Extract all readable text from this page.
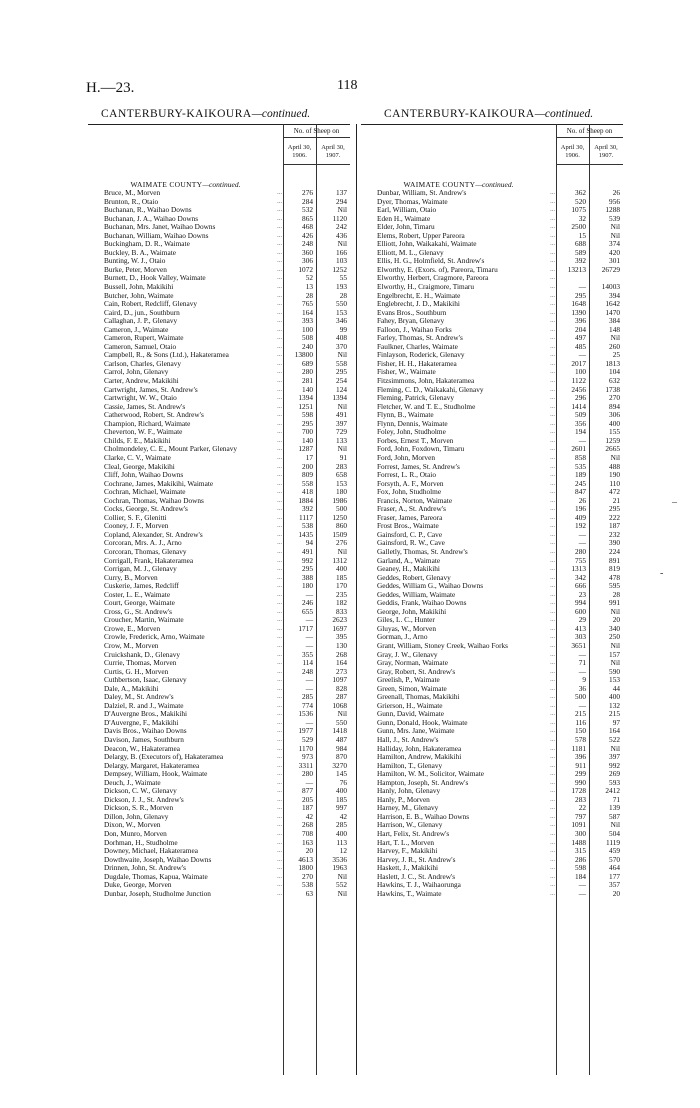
H.—23.	118
CANTERBURY-KAIKOURA—continued.	CANTERBURY-KAIKOURA—continued.
No. of Sheep on
April 30, 1906.
April 30, 1907.
WAIMATE COUNTY—continued.
Bruce, M., Morven	...	276	137
Brunton, R., Otaio	...	284	294
Buchanan, R., Waihao Downs	...	532	Nil
Buchanan, J. A., Waihao Downs	...	865	1120
Buchanan, Mrs. Janet, Waihao Downs	...	468	242
Buchanan, William, Waihao Downs	...	426	436
Buckingham, D. R., Waimate	...	248	Nil
Buckley, B. A., Waimate	...	360	166
Bunting, W. J., Otaio	...	306	103
Burke, Peter, Morven	...	1072	1252
Burnett, D., Hook Valley, Waimate	...	52	55
Bussell, John, Makikihi	...	13	193
Butcher, John, Waimate	...	28	28
Cain, Robert, Redcliff, Glenavy	...	765	550
Caird, D., jun., Southburn	...	164	153
Callaghan, J. P., Glenavy	...	393	346
Cameron, J., Waimate	...	100	99
Cameron, Rupert, Waimate	...	508	408
Cameron, Samuel, Otaio	...	240	370
Campbell, R., & Sons (Ltd.), Hakateramea	...	13800	Nil
Carlson, Charles, Glenavy	...	689	558
Carrol, John, Glenavy	...	280	295
Carter, Andrew, Makikihi	...	281	254
Cartwright, James, St. Andrew's	...	140	124
Cartwright, W. W., Otaio	...	1394	1394
Cassie, James, St. Andrew's	...	1251	Nil
Catherwood, Robert, St. Andrew's	...	598	491
Champion, Richard, Waimate	...	295	397
Cheverton, W. F., Waimate	...	700	729
Childs, F. E., Makikihi	...	140	133
Cholmondeley, C. E., Mount Parker, Glenavy	...	1287	Nil
Clarke, C. V., Waimate	...	17	91
Cleal, George, Makikihi	...	200	283
Cliff, John, Waihao Downs	...	809	658
Cochrane, James, Makikihi, Waimate	...	558	153
Cochran, Michael, Waimate	...	418	180
Cochran, Thomas, Waihao Downs	...	1884	1986
Cocks, George, St. Andrew's	...	392	500
Collier, S. F., Glenitti	...	1117	1250
Cooney, J. F., Morven	...	538	860
Copland, Alexander, St. Andrew's	...	1435	1509
Corcoran, Mrs. A. J., Arno	...	94	276
Corcoran, Thomas, Glenavy	...	491	Nil
Corrigall, Frank, Hakateramea	...	992	1312
Corrigan, M. J., Glenavy	...	295	400
Curry, B., Morven	...	388	185
Cuskerie, James, Redcliff	...	180	170
Coster, L. E., Waimate	...	—	235
Court, George, Waimate	...	246	182
Cross, G., St. Andrew's	...	655	833
Croucher, Martin, Waimate	...	—	2623
Crowe, E., Morven	...	1717	1697
Crowle, Frederick, Arno, Waimate	...	—	395
Crow, M., Morven	...	—	130
Cruickshank, D., Glenavy	...	355	268
Currie, Thomas, Morven	...	114	164
Curtis, G. H., Morven	...	248	273
Cuthbertson, Isaac, Glenavy	...	—	1097
Dale, A., Makikihi	...	—	828
Daley, M., St. Andrew's	...	285	287
Dalziel, R. and J., Waimate	...	774	1068
D'Auvergne Bros., Makikihi	...	1536	Nil
D'Auvergne, F., Makikihi	...	—	550
Davis Bros., Waihao Downs	...	1977	1418
Davison, James, Southburn	...	529	487
Deacon, W., Hakateramea	...	1170	984
Delargy, B. (Executors of), Hakateramea	...	973	870
Delargy, Margaret, Hakateramea	...	3311	3270
Dempsey, William, Hook, Waimate	...	280	145
Deuch, J., Waimate	...	—	76
Dickson, C. W., Glenavy	...	877	400
Dickson, J. J., St. Andrew's	...	205	185
Dickson, S. R., Morven	...	187	997
Dillon, John, Glenavy	...	42	42
Dixon, W., Morven	...	268	285
Don, Munro, Morven	...	708	400
Dorhman, H., Studholme	...	163	113
Downey, Michael, Hakateramea	...	20	12
Dowthwaite, Joseph, Waihao Downs	...	4613	3536
Drinnen, John, St. Andrew's	...	1800	1963
Dugdale, Thomas, Kapua, Waimate	...	270	Nil
Duke, George, Morven	...	538	552
Dunbar, Joseph, Studholme Junction	...	63	Nil
No. of Sheep on
April 30, 1906.
April 30, 1907.
WAIMATE COUNTY—continued.
Dunbar, William, St. Andrew's	...	362	26
Dyer, Thomas, Waimate	...	520	956
Earl, William, Otaio	...	1075	1288
Eden H., Waimate	...	32	539
Elder, John, Timaru	...	2500	Nil
Elems, Robert, Upper Pareora	...	15	Nil
Elliott, John, Waikakahi, Waimate	...	688	374
Elliott, M. L., Glenavy	...	589	420
Ellis, H. G., Holmfield, St. Andrew's	...	392	301
Elworthy, E. (Exors. of), Pareora, Timaru	...	13213	26729
Elworthy, Herbert, Cragmore, Pareora	...
Elworthy, H., Craigmore, Timaru	...	—	14003
Engelbrecht, E. H., Waimate	...	295	394
Englebrecht, J. D., Makikihi	...	1648	1642
Evans Bros., Southburn	...	1390	1470
Fahey, Bryan, Glenavy	...	396	384
Falloon, J., Waihao Forks	...	204	148
Farley, Thomas, St. Andrew's	...	497	Nil
Faulkner, Charles, Waimate	...	485	260
Finlayson, Roderick, Glenavy	...	—	25
Fisher, H. H., Hakateramea	...	2017	1813
Fisher, W., Waimate	...	100	104
Fitzsimmons, John, Hakateramea	...	1122	632
Fleming, C. D., Waikakahi, Glenavy	...	2456	1738
Fleming, Patrick, Glenavy	...	296	270
Fletcher, W. and T. E., Studholme	...	1414	894
Flynn, B., Waimate	...	509	306
Flynn, Dennis, Waimate	...	356	400
Foley, John, Studholme	...	194	155
Forbes, Ernest T., Morven	...	—	1259
Ford, John, Foxdown, Timaru	...	2601	2665
Ford, John, Morven	...	858	Nil
Forrest, James, St. Andrew's	...	535	488
Forrest, L. R., Otaio	...	189	190
Forsyth, A. F., Morven	...	245	110
Fox, John, Studholme	...	847	472
Francis, Norton, Waimate	...	26	21
Fraser, A., St. Andrew's	...	196	295
Fraser, James, Pareora	...	409	222
Frost Bros., Waimate	...	192	187
Gainsford, C. P., Cave	...	—	232
Gainsford, R. W., Cave	...	—	390
Galletly, Thomas, St. Andrew's	...	280	224
Garland, A., Waimate	...	755	891
Geaney, H., Makikihi	...	1313	819
Geddes, Robert, Glenavy	...	342	478
Geddes, William G., Waihao Downs	...	666	595
Geddes, William, Waimate	...	23	28
Geddis, Frank, Waihao Downs	...	994	991
George, John, Makikihi	...	600	Nil
Giles, L. C., Hunter	...	29	20
Gluyas, W., Morven	...	413	340
Gorman, J., Arno	...	303	250
Grant, William, Stoney Creek, Waihao Forks	...	3651	Nil
Gray, J. W., Glenavy	...	—	157
Gray, Norman, Waimate	...	71	Nil
Gray, Robert, St. Andrew's	...	—	590
Greelish, P., Waimate	...	9	153
Green, Simon, Waimate	...	36	44
Greenall, Thomas, Makikihi	...	500	400
Grierson, H., Waimate	...	—	132
Gunn, David, Waimate	...	215	215
Gunn, Donald, Hook, Waimate	...	116	97
Gunn, Mrs. Jane, Waimate	...	150	164
Hall, J., St. Andrew's	...	578	522
Halliday, John, Hakateramea	...	1181	Nil
Hamilton, Andrew, Makikihi	...	396	397
Hamilton, T., Glenavy	...	911	992
Hamilton, W. M., Solicitor, Waimate	...	299	269
Hampton, Joseph, St. Andrew's	...	990	593
Hanly, John, Glenavy	...	1728	2412
Hanly, P., Morven	...	283	71
Harney, M., Glenavy	...	22	139
Harrison, E. B., Waihao Downs	...	797	587
Harrison, W., Glenavy	...	1091	Nil
Hart, Felix, St. Andrew's	...	300	504
Hart, T. L., Morven	...	1488	1119
Harvey, F., Makikihi	...	315	459
Harvey, J. R., St. Andrew's	...	286	570
Haskett, J., Makikihi	...	598	464
Haslett, J. C., St. Andrew's	...	184	177
Hawkins, T. J., Waihaorunga	...	—	357
Hawkins, T., Waimate	...	—	20
–
-
